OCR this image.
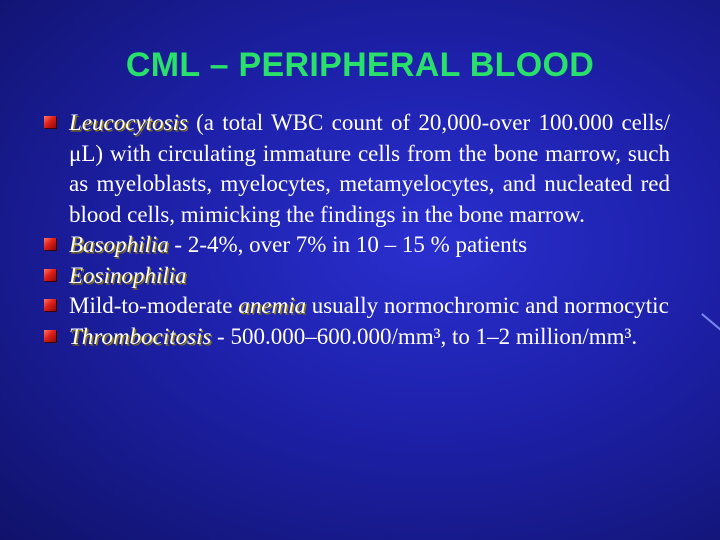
CML – PERIPHERAL BLOOD
Leucocytosis (a total WBC count of 20,000-over 100.000 cells/μL) with circulating immature cells from the bone marrow, such as myeloblasts, myelocytes, metamyelocytes, and nucleated red blood cells, mimicking the findings in the bone marrow.
Basophilia - 2-4%, over 7% in 10 – 15 % patients
Eosinophilia
Mild-to-moderate anemia usually normochromic and normocytic
Thrombocitosis - 500.000–600.000/mm³, to 1–2 million/mm³.
